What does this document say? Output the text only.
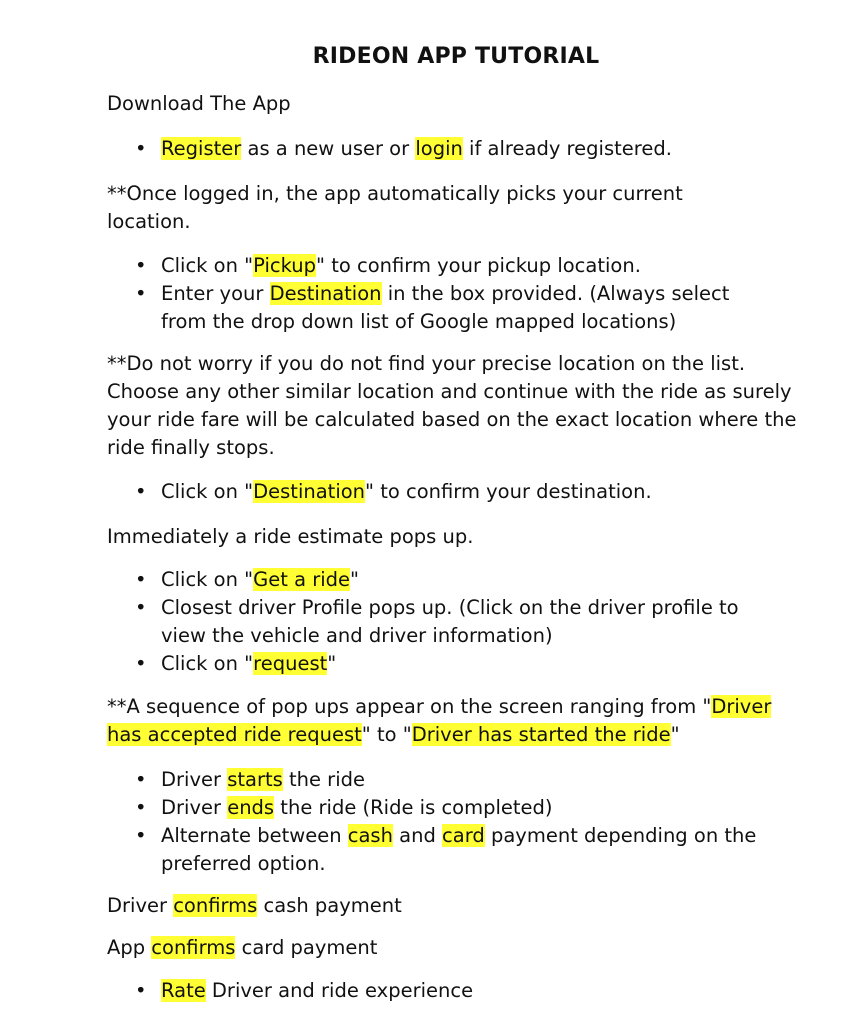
RIDEON APP TUTORIAL
Download The App
• Register as a new user or login if already registered.
**Once logged in, the app automatically picks your current location.
• Click on "Pickup" to confirm your pickup location.
• Enter your Destination in the box provided. (Always select from the drop down list of Google mapped locations)
**Do not worry if you do not find your precise location on the list. Choose any other similar location and continue with the ride as surely your ride fare will be calculated based on the exact location where the ride finally stops.
• Click on "Destination" to confirm your destination.
Immediately a ride estimate pops up.
• Click on "Get a ride"
• Closest driver Profile pops up. (Click on the driver profile to view the vehicle and driver information)
• Click on "request"
**A sequence of pop ups appear on the screen ranging from "Driver has accepted ride request" to "Driver has started the ride"
• Driver starts the ride
• Driver ends the ride (Ride is completed)
• Alternate between cash and card payment depending on the preferred option.
Driver confirms cash payment
App confirms card payment
• Rate Driver and ride experience
